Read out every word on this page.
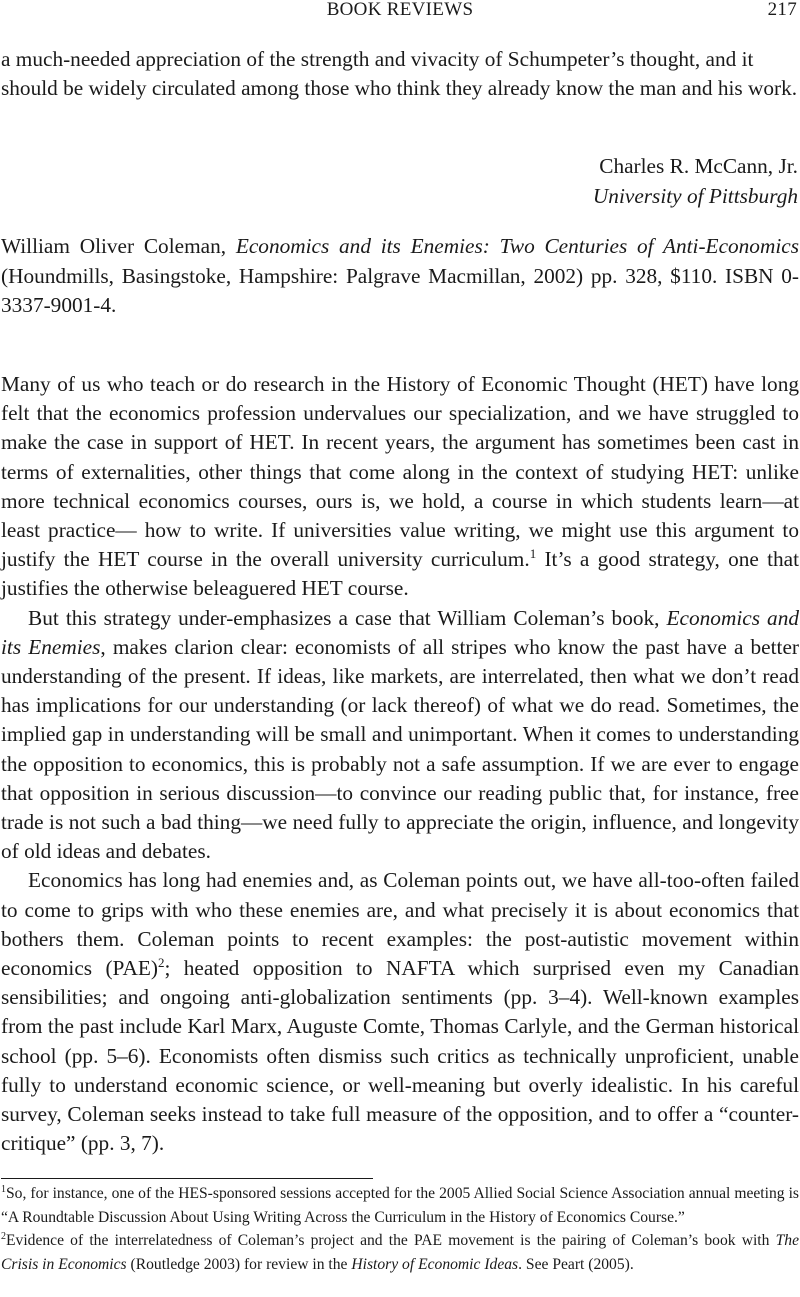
BOOK REVIEWS	217

a much-needed appreciation of the strength and vivacity of Schumpeter’s thought, and it should be widely circulated among those who think they already know the man and his work.

Charles R. McCann, Jr.
University of Pittsburgh

William Oliver Coleman, Economics and its Enemies: Two Centuries of Anti-Economics (Houndmills, Basingstoke, Hampshire: Palgrave Macmillan, 2002) pp. 328, $110. ISBN 0-3337-9001-4.

Many of us who teach or do research in the History of Economic Thought (HET) have long felt that the economics profession undervalues our specialization, and we have struggled to make the case in support of HET. In recent years, the argument has sometimes been cast in terms of externalities, other things that come along in the context of studying HET: unlike more technical economics courses, ours is, we hold, a course in which students learn—at least practice— how to write. If universities value writing, we might use this argument to justify the HET course in the overall university curriculum.$^1$ It’s a good strategy, one that justifies the otherwise beleaguered HET course.

But this strategy under-emphasizes a case that William Coleman’s book, Economics and its Enemies, makes clarion clear: economists of all stripes who know the past have a better understanding of the present. If ideas, like markets, are interrelated, then what we don’t read has implications for our understanding (or lack thereof) of what we do read. Sometimes, the implied gap in understanding will be small and unimportant. When it comes to understanding the opposition to economics, this is probably not a safe assumption. If we are ever to engage that opposition in serious discussion—to convince our reading public that, for instance, free trade is not such a bad thing—we need fully to appreciate the origin, influence, and longevity of old ideas and debates.

Economics has long had enemies and, as Coleman points out, we have all-too-often failed to come to grips with who these enemies are, and what precisely it is about economics that bothers them. Coleman points to recent examples: the post-autistic movement within economics (PAE)$^2$; heated opposition to NAFTA which surprised even my Canadian sensibilities; and ongoing anti-globalization sentiments (pp. 3–4). Well-known examples from the past include Karl Marx, Auguste Comte, Thomas Carlyle, and the German historical school (pp. 5–6). Economists often dismiss such critics as technically unproficient, unable fully to understand economic science, or well-meaning but overly idealistic. In his careful survey, Coleman seeks instead to take full measure of the opposition, and to offer a “counter-critique” (pp. 3, 7).

$^1$So, for instance, one of the HES-sponsored sessions accepted for the 2005 Allied Social Science Association annual meeting is “A Roundtable Discussion About Using Writing Across the Curriculum in the History of Economics Course.”

$^2$Evidence of the interrelatedness of Coleman’s project and the PAE movement is the pairing of Coleman’s book with The Crisis in Economics (Routledge 2003) for review in the History of Economic Ideas. See Peart (2005).
